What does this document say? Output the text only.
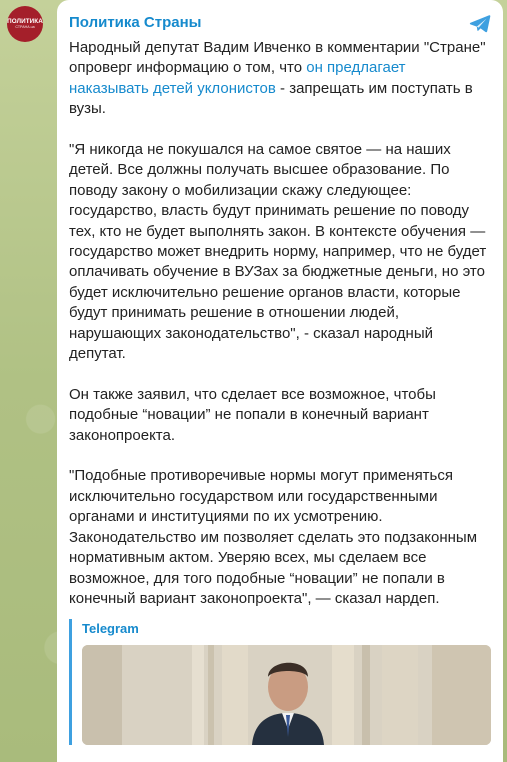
ПОЛИТИКА
СТРАНА.ua Политика Страны

Народный депутат Вадим Ивченко в комментарии "Стране" опроверг информацию о том, что он предлагает наказывать детей уклонистов - запрещать им поступать в вузы.

"Я никогда не покушался на самое святое — на наших детей. Все должны получать высшее образование. По поводу закону о мобилизации скажу следующее: государство, власть будут принимать решение по поводу тех, кто не будет выполнять закон. В контексте обучения — государство может внедрить норму, например, что не будет оплачивать обучение в ВУЗах за бюджетные деньги, но это будет исключительно решение органов власти, которые будут принимать решение в отношении людей, нарушающих законодательство", - сказал народный депутат.

Он также заявил, что сделает все возможное, чтобы подобные “новации” не попали в конечный вариант законопроекта.

"Подобные противоречивые нормы могут применяться исключительно государством или государственными органами и институциями по их усмотрению. Законодательство им позволяет сделать это подзаконным нормативным актом. Уверяю всех, мы сделаем все возможное, для того подобные “новации” не попали в конечный вариант законопроекта", — сказал нардеп.

Telegram
